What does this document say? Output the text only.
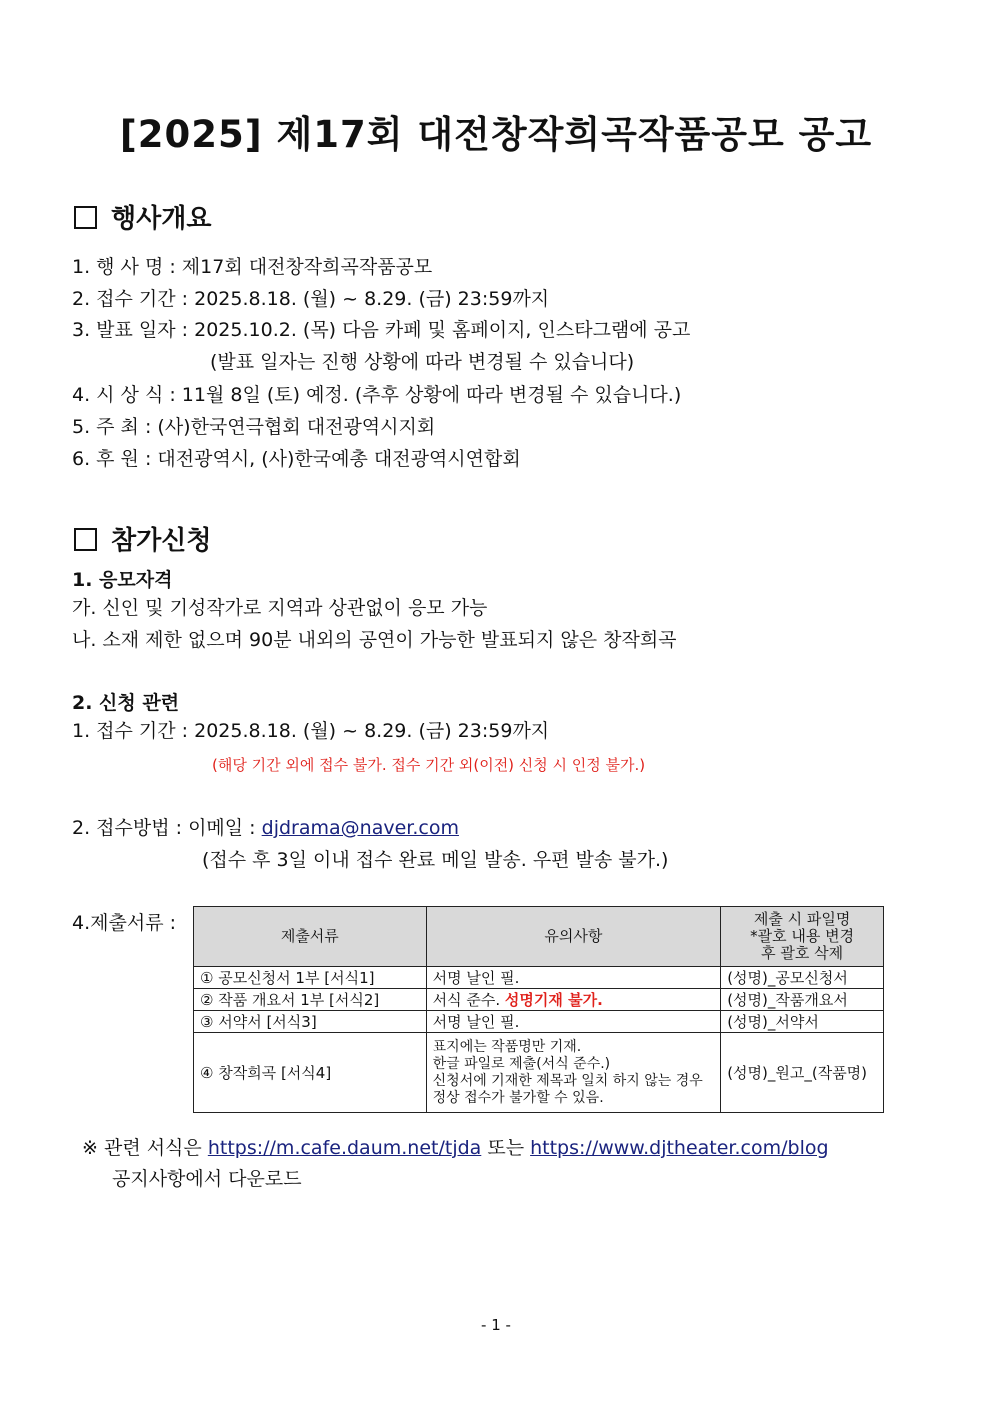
[2025] 제17회 대전창작희곡작품공모 공고
행사개요
1. 행 사 명 : 제17회 대전창작희곡작품공모
2. 접수 기간 : 2025.8.18. (월) ~ 8.29. (금) 23:59까지
3. 발표 일자 : 2025.10.2. (목) 다음 카페 및 홈페이지, 인스타그램에 공고
(발표 일자는 진행 상황에 따라 변경될 수 있습니다)
4. 시 상 식 : 11월 8일 (토) 예정. (추후 상황에 따라 변경될 수 있습니다.)
5. 주 최 : (사)한국연극협회 대전광역시지회
6. 후 원 : 대전광역시, (사)한국예총 대전광역시연합회
참가신청
1. 응모자격
가. 신인 및 기성작가로 지역과 상관없이 응모 가능
나. 소재 제한 없으며 90분 내외의 공연이 가능한 발표되지 않은 창작희곡
2. 신청 관련
1. 접수 기간 : 2025.8.18. (월) ~ 8.29. (금) 23:59까지
(해당 기간 외에 접수 불가. 접수 기간 외(이전) 신청 시 인정 불가.)
2. 접수방법 : 이메일 : djdrama@naver.com
(접수 후 3일 이내 접수 완료 메일 발송. 우편 발송 불가.)
4.제출서류 :
제출서류	유의사항	제출 시 파일명
*괄호 내용 변경
후 괄호 삭제
① 공모신청서 1부 [서식1]	서명 날인 필.	(성명)_공모신청서
② 작품 개요서 1부 [서식2]	서식 준수. 성명기재 불가.	(성명)_작품개요서
③ 서약서 [서식3]	서명 날인 필.	(성명)_서약서
④ 창작희곡 [서식4]	표지에는 작품명만 기재.
한글 파일로 제출(서식 준수.)
신청서에 기재한 제목과 일치 하지 않는 경우 정상 접수가 불가할 수 있음.	(성명)_원고_(작품명)
※ 관련 서식은 https://m.cafe.daum.net/tjda 또는 https://www.djtheater.com/blog
공지사항에서 다운로드
- 1 -
